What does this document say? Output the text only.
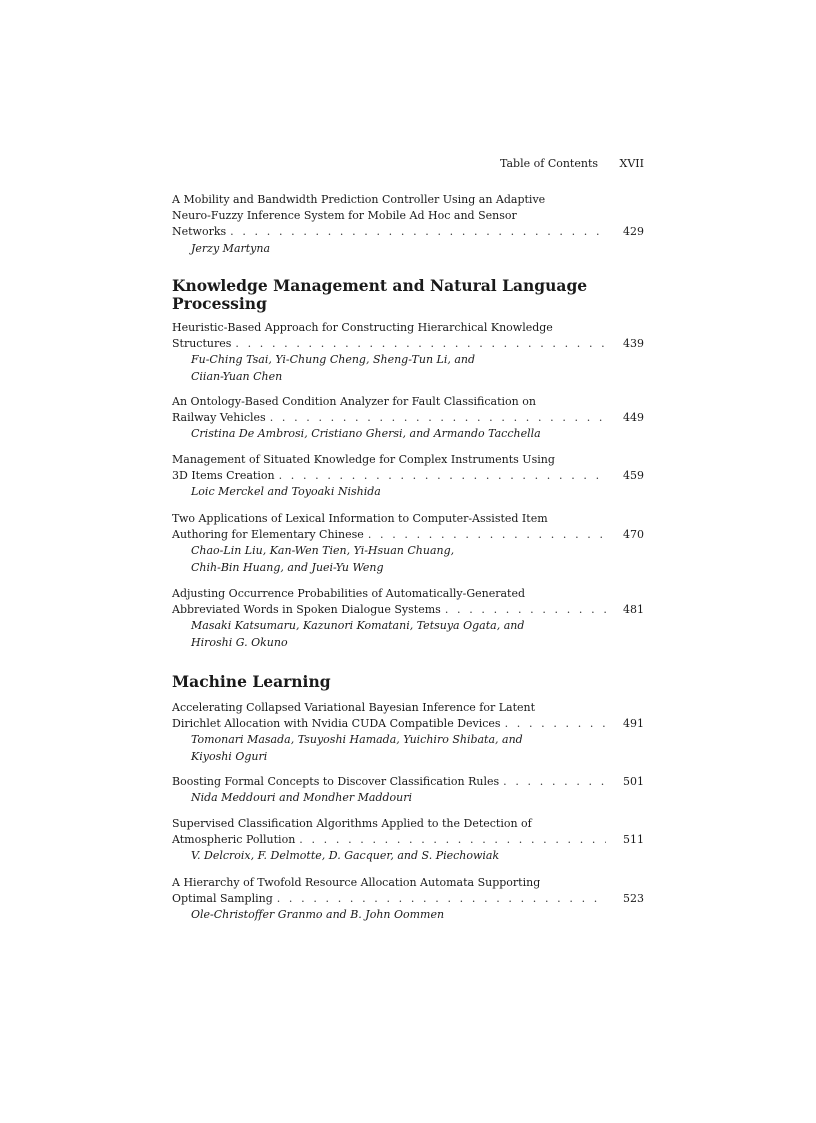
Table of Contents XVII
A Mobility and Bandwidth Prediction Controller Using an Adaptive
Neuro-Fuzzy Inference System for Mobile Ad Hoc and Sensor
Networks . . .	429
Jerzy Martyna
Knowledge Management and Natural Language
Processing
Heuristic-Based Approach for Constructing Hierarchical Knowledge
Structures . . .	439
Fu-Ching Tsai, Yi-Chung Cheng, Sheng-Tun Li, and
Ciian-Yuan Chen
An Ontology-Based Condition Analyzer for Fault Classification on
Railway Vehicles . . .	449
Cristina De Ambrosi, Cristiano Ghersi, and Armando Tacchella
Management of Situated Knowledge for Complex Instruments Using
3D Items Creation . . .	459
Loic Merckel and Toyoaki Nishida
Two Applications of Lexical Information to Computer-Assisted Item
Authoring for Elementary Chinese . . .	470
Chao-Lin Liu, Kan-Wen Tien, Yi-Hsuan Chuang,
Chih-Bin Huang, and Juei-Yu Weng
Adjusting Occurrence Probabilities of Automatically-Generated
Abbreviated Words in Spoken Dialogue Systems . . .	481
Masaki Katsumaru, Kazunori Komatani, Tetsuya Ogata, and
Hiroshi G. Okuno
Machine Learning
Accelerating Collapsed Variational Bayesian Inference for Latent
Dirichlet Allocation with Nvidia CUDA Compatible Devices . . .	491
Tomonari Masada, Tsuyoshi Hamada, Yuichiro Shibata, and
Kiyoshi Oguri
Boosting Formal Concepts to Discover Classification Rules . . .	501
Nida Meddouri and Mondher Maddouri
Supervised Classification Algorithms Applied to the Detection of
Atmospheric Pollution . . .	511
V. Delcroix, F. Delmotte, D. Gacquer, and S. Piechowiak
A Hierarchy of Twofold Resource Allocation Automata Supporting
Optimal Sampling . . .	523
Ole-Christoffer Granmo and B. John Oommen
